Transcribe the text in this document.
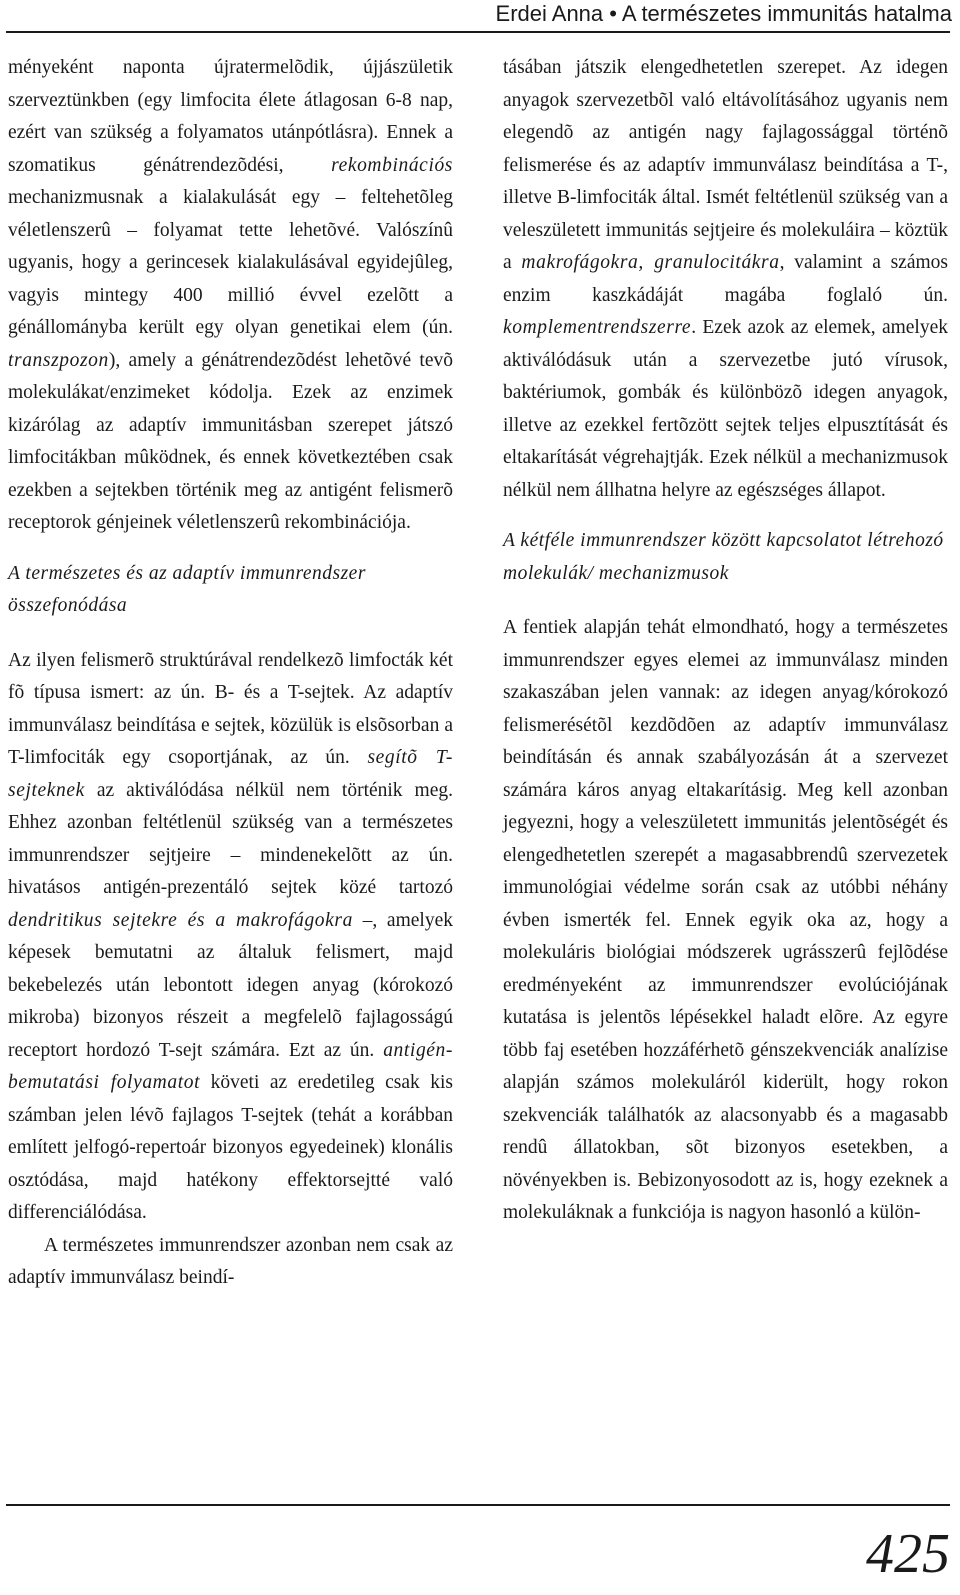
Erdei Anna • A természetes immunitás hatalma

ményeként naponta újratermelõdik, újjászületik szerveztünkben (egy limfocita élete átlagosan 6-8 nap, ezért van szükség a folyamatos utánpótlásra). Ennek a szomatikus génátrendezõdési, rekombinációs mechanizmusnak a kialakulását egy – feltehetõleg véletlenszerû – folyamat tette lehetõvé. Valószínû ugyanis, hogy a gerincesek kialakulásával egyidejûleg, vagyis mintegy 400 millió évvel ezelõtt a génállományba került egy olyan genetikai elem (ún. transzpozon), amely a génátrendezõdést lehetõvé tevõ molekulákat/enzimeket kódolja. Ezek az enzimek kizárólag az adaptív immunitásban szerepet játszó limfocitákban mûködnek, és ennek következtében csak ezekben a sejtekben történik meg az antigént felismerõ receptorok génjeinek véletlenszerû rekombinációja.

A természetes és az adaptív immunrendszer összefonódása

Az ilyen felismerõ struktúrával rendelkezõ limfocták két fõ típusa ismert: az ún. B- és a T-sejtek. Az adaptív immunválasz beindítása e sejtek, közülük is elsõsorban a T-limfociták egy csoportjának, az ún. segítõ T-sejteknek az aktiválódása nélkül nem történik meg. Ehhez azonban feltétlenül szükség van a természetes immunrendszer sejtjeire – mindenekelõtt az ún. hivatásos antigén-prezentáló sejtek közé tartozó dendritikus sejtekre és a makrofágokra –, amelyek képesek bemutatni az általuk felismert, majd bekebelezés után lebontott idegen anyag (kórokozó mikroba) bizonyos részeit a megfelelõ fajlagosságú receptort hordozó T-sejt számára. Ezt az ún. antigén-bemutatási folyamatot követi az eredetileg csak kis számban jelen lévõ fajlagos T-sejtek (tehát a korábban említett jelfogó-repertoár bizonyos egyedeinek) klonális osztódása, majd hatékony effektorsejtté való differenciálódása.

A természetes immunrendszer azonban nem csak az adaptív immunválasz beindí-

tásában játszik elengedhetetlen szerepet. Az idegen anyagok szervezetbõl való eltávolításához ugyanis nem elegendõ az antigén nagy fajlagossággal történõ felismerése és az adaptív immunválasz beindítása a T-, illetve B-limfociták által. Ismét feltétlenül szükség van a veleszületett immunitás sejtjeire és molekuláira – köztük a makrofágokra, granulocitákra, valamint a számos enzim kaszkádáját magába foglaló ún. komplementrendszerre. Ezek azok az elemek, amelyek aktiválódásuk után a szervezetbe jutó vírusok, baktériumok, gombák és különbözõ idegen anyagok, illetve az ezekkel fertõzött sejtek teljes elpusztítását és eltakarítását végrehajtják. Ezek nélkül a mechanizmusok nélkül nem állhatna helyre az egészséges állapot.

A kétféle immunrendszer között kapcsolatot létrehozó molekulák/ mechanizmusok

A fentiek alapján tehát elmondható, hogy a természetes immunrendszer egyes elemei az immunválasz minden szakaszában jelen vannak: az idegen anyag/kórokozó felismerésétõl kezdõdõen az adaptív immunválasz beindításán és annak szabályozásán át a szervezet számára káros anyag eltakarításig. Meg kell azonban jegyezni, hogy a veleszületett immunitás jelentõségét és elengedhetetlen szerepét a magasabbrendû szervezetek immunológiai védelme során csak az utóbbi néhány évben ismerték fel. Ennek egyik oka az, hogy a molekuláris biológiai módszerek ugrásszerû fejlõdése eredményeként az immunrendszer evolúciójának kutatása is jelentõs lépésekkel haladt elõre. Az egyre több faj esetében hozzáférhetõ génszekvenciák analízise alapján számos molekuláról kiderült, hogy rokon szekvenciák találhatók az alacsonyabb és a magasabb rendû állatokban, sõt bizonyos esetekben, a növényekben is. Bebizonyosodott az is, hogy ezeknek a molekuláknak a funkciója is nagyon hasonló a külön-

425
